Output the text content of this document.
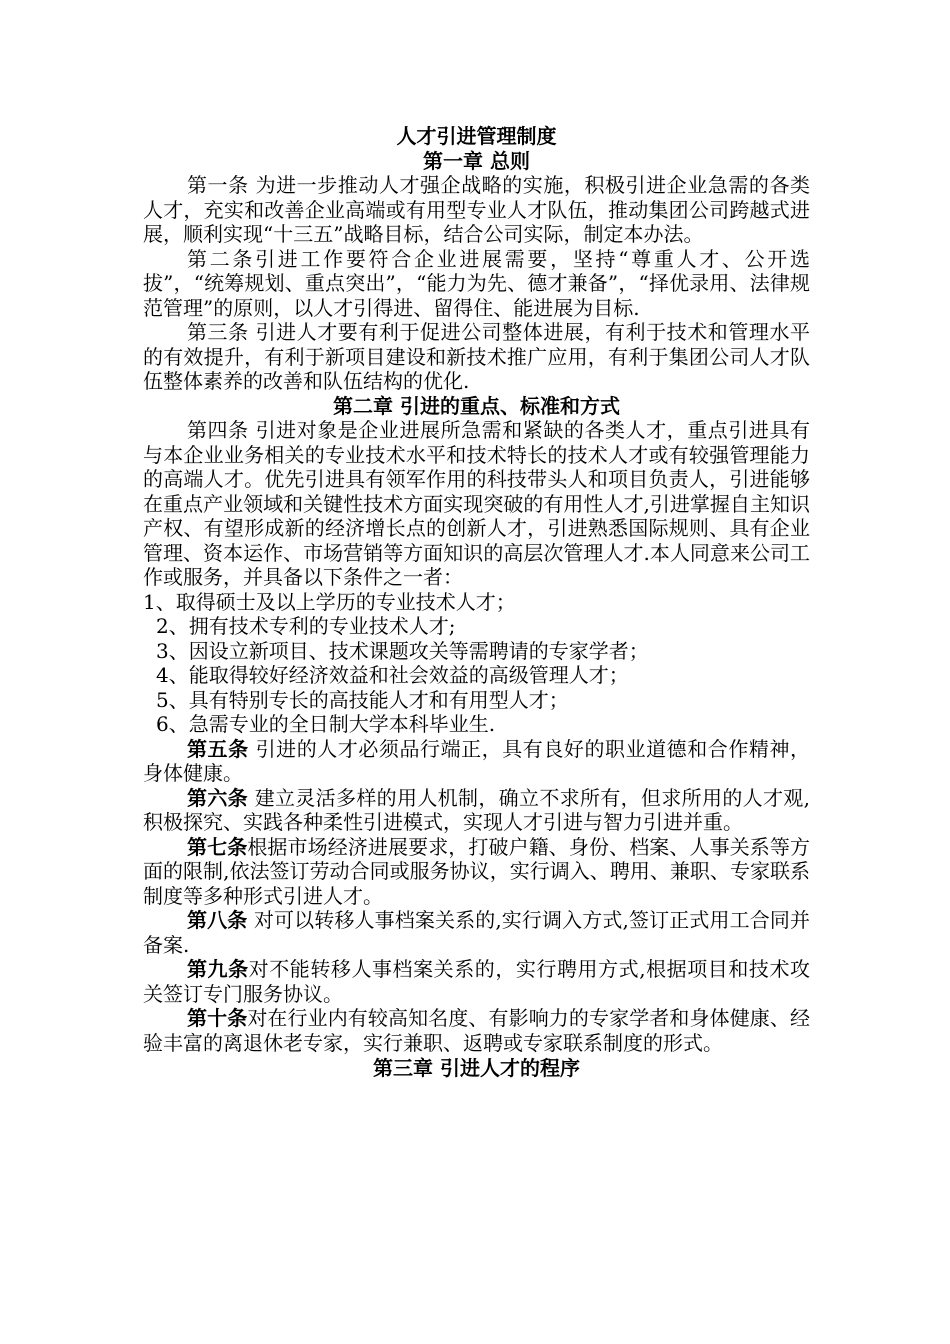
人才引进管理制度
第一章 总则

第一条 为进一步推动人才强企战略的实施，积极引进企业急需的各类人才，充实和改善企业高端或有用型专业人才队伍，推动集团公司跨越式进展，顺利实现“十三五”战略目标，结合公司实际，制定本办法。

第二条引进工作要符合企业进展需要，坚持“尊重人才、公开选拔”，“统筹规划、重点突出”，“能力为先、德才兼备”，“择优录用、法律规范管理”的原则，以人才引得进、留得住、能进展为目标.

第三条 引进人才要有利于促进公司整体进展，有利于技术和管理水平的有效提升，有利于新项目建设和新技术推广应用，有利于集团公司人才队伍整体素养的改善和队伍结构的优化.

第二章 引进的重点、标准和方式

第四条 引进对象是企业进展所急需和紧缺的各类人才，重点引进具有与本企业业务相关的专业技术水平和技术特长的技术人才或有较强管理能力的高端人才。优先引进具有领军作用的科技带头人和项目负责人，引进能够在重点产业领域和关键性技术方面实现突破的有用性人才,引进掌握自主知识产权、有望形成新的经济增长点的创新人才，引进熟悉国际规则、具有企业管理、资本运作、市场营销等方面知识的高层次管理人才.本人同意来公司工作或服务，并具备以下条件之一者：

1、取得硕士及以上学历的专业技术人才；

2、拥有技术专利的专业技术人才;

3、因设立新项目、技术课题攻关等需聘请的专家学者；

4、能取得较好经济效益和社会效益的高级管理人才；

5、具有特别专长的高技能人才和有用型人才；

6、急需专业的全日制大学本科毕业生.

第五条 引进的人才必须品行端正，具有良好的职业道德和合作精神，身体健康。

第六条 建立灵活多样的用人机制，确立不求所有，但求所用的人才观,积极探究、实践各种柔性引进模式，实现人才引进与智力引进并重。

第七条根据市场经济进展要求，打破户籍、身份、档案、人事关系等方面的限制,依法签订劳动合同或服务协议，实行调入、聘用、兼职、专家联系制度等多种形式引进人才。

第八条 对可以转移人事档案关系的,实行调入方式,签订正式用工合同并备案.

第九条对不能转移人事档案关系的，实行聘用方式,根据项目和技术攻关签订专门服务协议。

第十条对在行业内有较高知名度、有影响力的专家学者和身体健康、经验丰富的离退休老专家，实行兼职、返聘或专家联系制度的形式。

第三章 引进人才的程序
